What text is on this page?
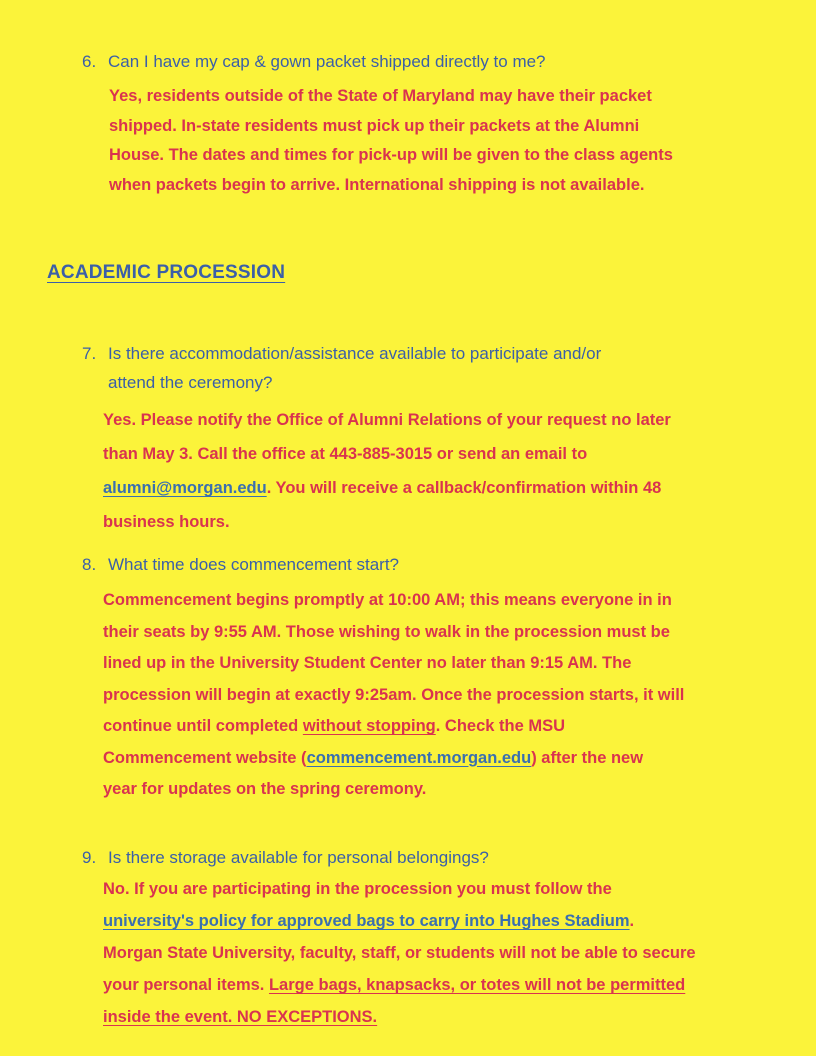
6. Can I have my cap & gown packet shipped directly to me?
Yes, residents outside of the State of Maryland may have their packet
shipped. In-state residents must pick up their packets at the Alumni
House. The dates and times for pick-up will be given to the class agents
when packets begin to arrive. International shipping is not available.
ACADEMIC PROCESSION
7. Is there accommodation/assistance available to participate and/or
attend the ceremony?
Yes. Please notify the Office of Alumni Relations of your request no later
than May 3. Call the office at 443-885-3015 or send an email to
alumni@morgan.edu. You will receive a callback/confirmation within 48
business hours.
8. What time does commencement start?
Commencement begins promptly at 10:00 AM; this means everyone in in
their seats by 9:55 AM. Those wishing to walk in the procession must be
lined up in the University Student Center no later than 9:15 AM. The
procession will begin at exactly 9:25am. Once the procession starts, it will
continue until completed without stopping. Check the MSU
Commencement website (commencement.morgan.edu) after the new
year for updates on the spring ceremony.
9. Is there storage available for personal belongings?
No. If you are participating in the procession you must follow the
university's policy for approved bags to carry into Hughes Stadium.
Morgan State University, faculty, staff, or students will not be able to secure
your personal items. Large bags, knapsacks, or totes will not be permitted
inside the event. NO EXCEPTIONS.
